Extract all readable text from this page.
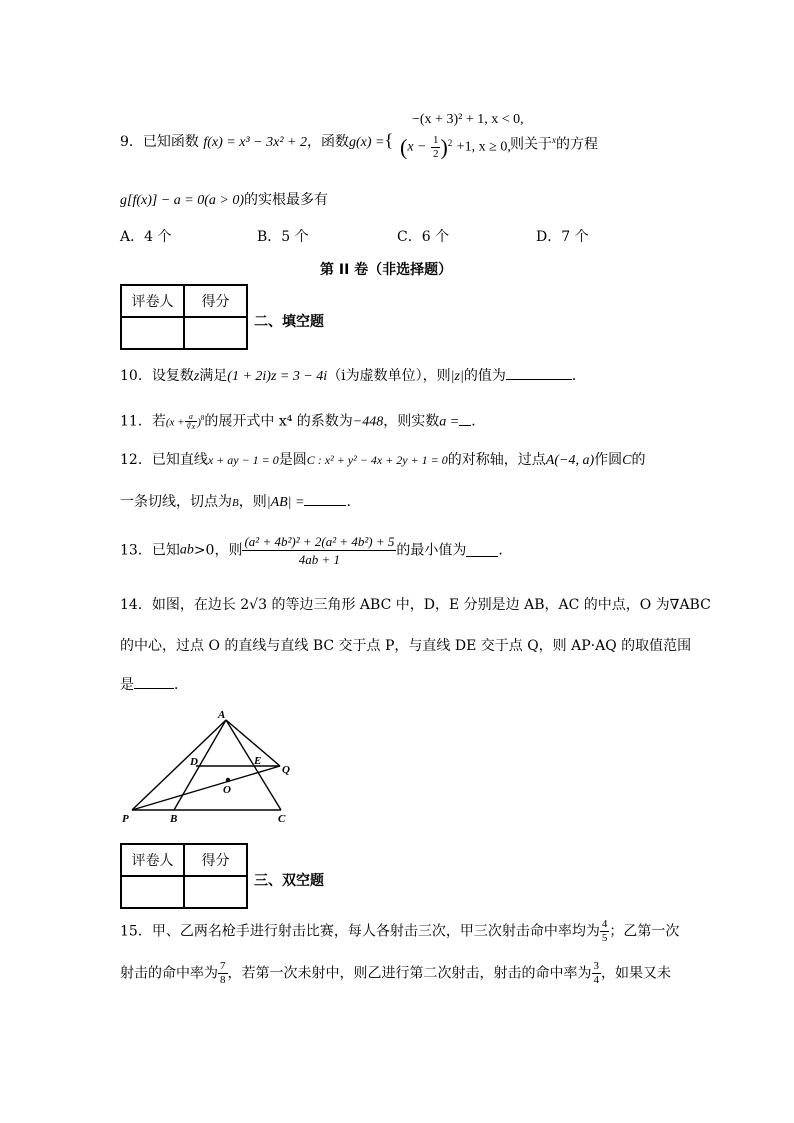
−(x + 3)² + 1, x < 0,
9．已知函数 f(x) = x³ − 3x² + 2，函数g(x) ={ $(x - \frac{1}{2} )^2 +1$, x ≥ 0, 则关于$^x$的方程
g[f(x)] − a = 0(a > 0)的实根最多有
A．4 个	B．5 个	C．6 个	D．7 个
第 II 卷（非选择题）
评卷人	得分

二、填空题
10．设复数z满足(1 + 2i)z = 3 − 4i（i为虚数单位），则|z|的值为	．
11．若$(x + \frac{a}{∛x} )^8$的展开式中 x⁴ 的系数为−448，则实数a = ．
12．已知直线x + ay − 1 = 0是圆C : x² + y² − 4x + 2y + 1 = 0的对称轴，过点A(−4, a)作圆C的
一条切线，切点为B，则|AB| =	.
13．已知ab>0，则 $\frac{\text{(a² + 4b²)² + 2(a² + 4b²) + 5}}{4ab + 1}$ 的最小值为 .
14．如图，在边长 2√3 的等边三角形 ABC 中，D，E 分别是边 AB，AC 的中点，O 为∇ABC
的中心，过点 O 的直线与直线 BC 交于点 P，与直线 DE 交于点 Q，则 AP·AQ 的取值范围
是	．
A
D	E
Q
O
P	B	C
评卷人	得分

三、双空题
15．甲、乙两名枪手进行射击比赛，每人各射击三次，甲三次射击命中率均为 $\frac{4}{5}$ ；乙第一次
射击的命中率为 $\frac{7}{8}$ ，若第一次未射中，则乙进行第二次射击，射击的命中率为 $\frac{3}{4}$ ，如果又未
